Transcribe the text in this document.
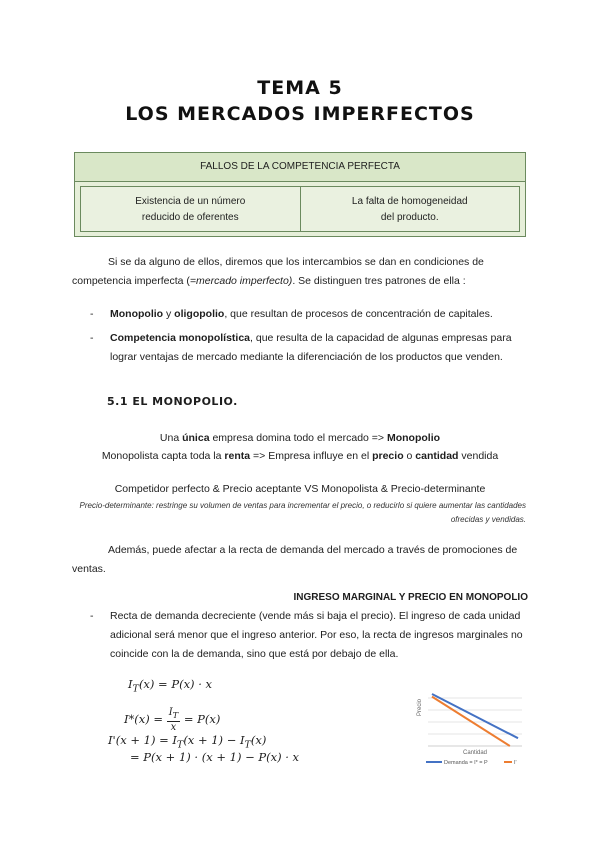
TEMA 5
LOS MERCADOS IMPERFECTOS
FALLOS DE LA COMPETENCIA PERFECTA
Existencia de un número
reducido de oferentes
La falta de homogeneidad
del producto.
Si se da alguno de ellos, diremos que los intercambios se dan en condiciones de competencia imperfecta (=mercado imperfecto). Se distinguen tres patrones de ella :
- Monopolio y oligopolio, que resultan de procesos de concentración de capitales.
- Competencia monopolística, que resulta de la capacidad de algunas empresas para lograr ventajas de mercado mediante la diferenciación de los productos que venden.
5.1 EL MONOPOLIO.
Una única empresa domina todo el mercado => Monopolio
Monopolista capta toda la renta => Empresa influye en el precio o cantidad vendida
Competidor perfecto & Precio aceptante VS Monopolista & Precio-determinante
Precio-determinante: restringe su volumen de ventas para incrementar el precio, o reducirlo si quiere aumentar las cantidades ofrecidas y vendidas.
Además, puede afectar a la recta de demanda del mercado a través de promociones de ventas.
INGRESO MARGINAL Y PRECIO EN MONOPOLIO
- Recta de demanda decreciente (vende más si baja el precio). El ingreso de cada unidad adicional será menor que el ingreso anterior. Por eso, la recta de ingresos marginales no coincide con la de demanda, sino que está por debajo de ella.
$I_T(x) = P(x) \cdot x$
$I*(x) = \frac{I_T}{x} = P(x)$
$I'(x + 1) = I_T(x + 1) - I_T(x)$
= P(x + 1) · (x + 1) − P(x) · x
Precio
Cantidad
Demanda = I* = P	I'
